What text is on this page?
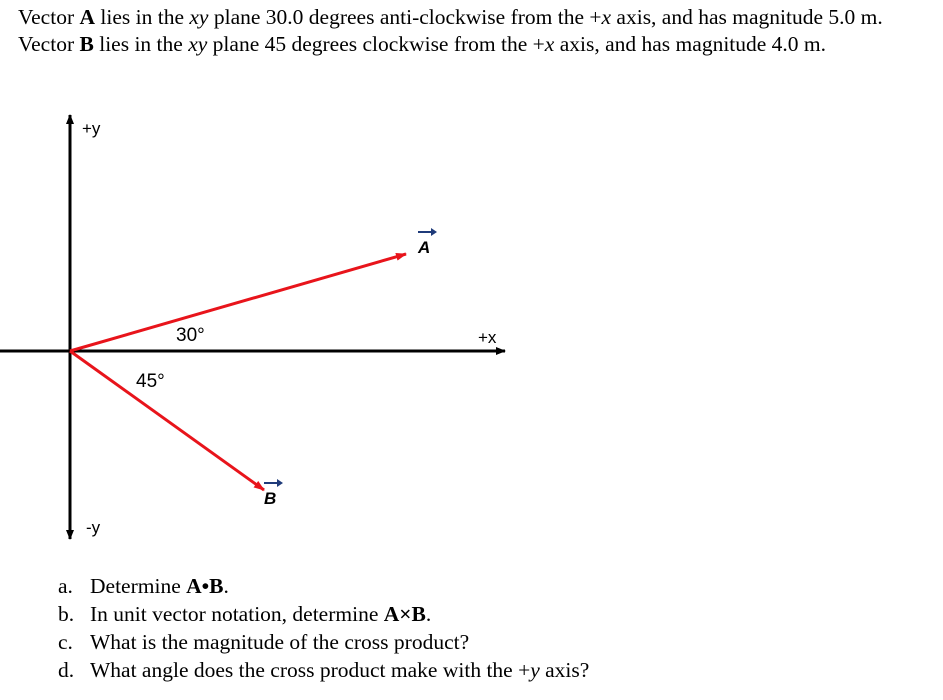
Vector A lies in the xy plane 30.0 degrees anti-clockwise from the +x axis, and has magnitude 5.0 m.

Vector B lies in the xy plane 45 degrees clockwise from the +x axis, and has magnitude 4.0 m.

+y
-y
+x
30°
45°
A
B
a. Determine A•B.
b. In unit vector notation, determine A×B.
c. What is the magnitude of the cross product?
d. What angle does the cross product make with the +y axis?
